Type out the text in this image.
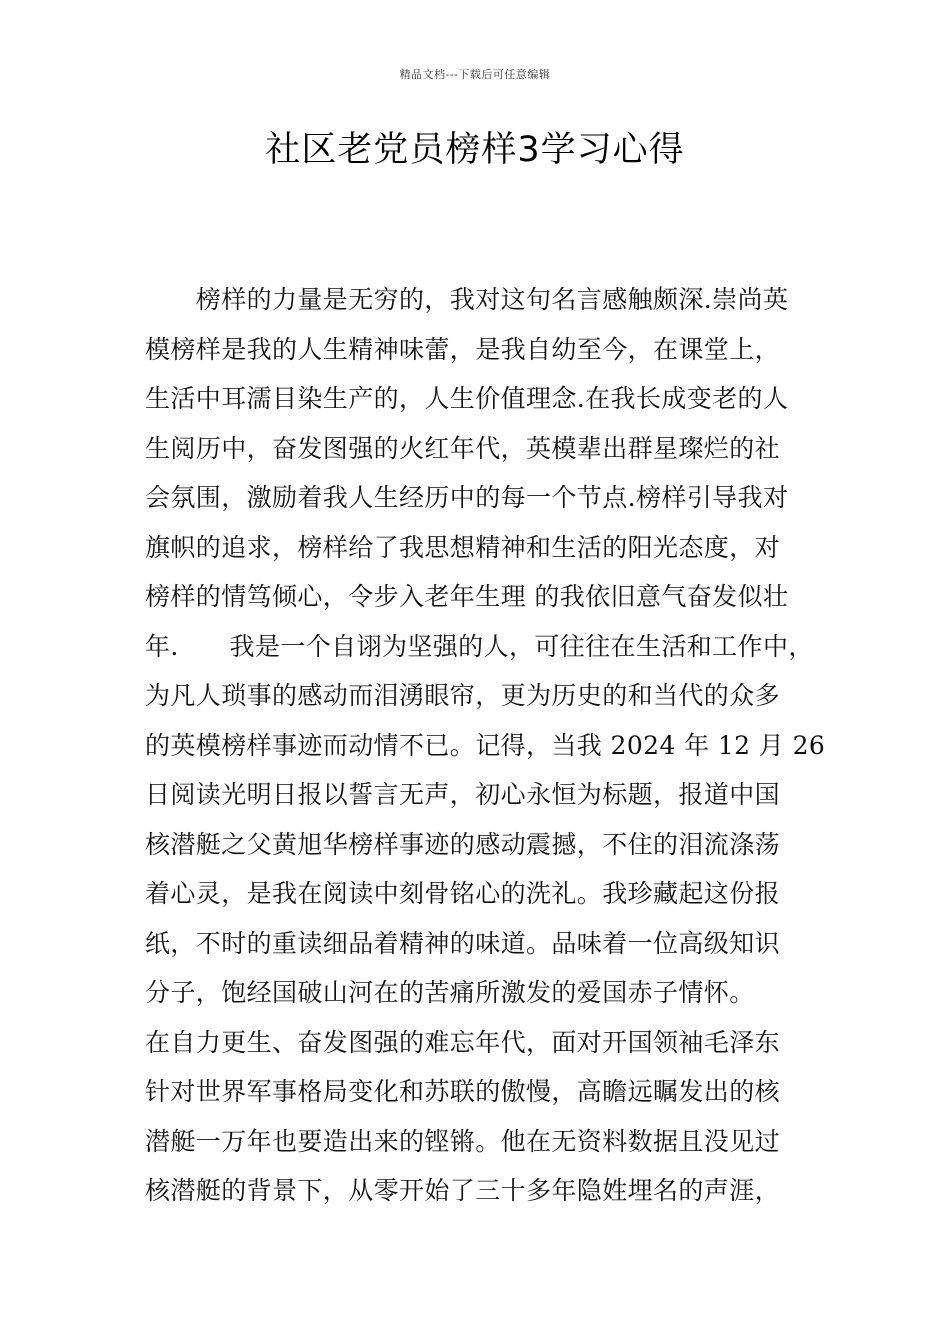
精品文档---下载后可任意编辑
社区老党员榜样3学习心得
　　榜样的力量是无穷的，我对这句名言感触颇深.崇尚英
模榜样是我的人生精神味蕾，是我自幼至今，在课堂上，
生活中耳濡目染生产的，人生价值理念.在我长成变老的人
生阅历中，奋发图强的火红年代，英模辈出群星璨烂的社
会氛围，激励着我人生经历中的每一个节点.榜样引导我对
旗帜的追求，榜样给了我思想精神和生活的阳光态度，对
榜样的情笃倾心，令步入老年生理 的我依旧意气奋发似壮
年.　　我是一个自诩为坚强的人，可往往在生活和工作中，
为凡人琐事的感动而泪湧眼帘，更为历史的和当代的众多
的英模榜样事迹而动情不已。记得，当我 2024 年 12 月 26
日阅读光明日报以誓言无声，初心永恒为标题，报道中国
核潜艇之父黄旭华榜样事迹的感动震撼，不住的泪流涤荡
着心灵，是我在阅读中刻骨铭心的洗礼。我珍藏起这份报
纸，不时的重读细品着精神的味道。品味着一位高级知识
分子，饱经国破山河在的苦痛所激发的爱国赤子情怀。
在自力更生、奋发图强的难忘年代，面对开国领袖毛泽东
针对世界军事格局变化和苏联的傲慢，高瞻远瞩发出的核
潜艇一万年也要造出来的铿锵。他在无资料数据且没见过
核潜艇的背景下，从零开始了三十多年隐姓埋名的声涯，
